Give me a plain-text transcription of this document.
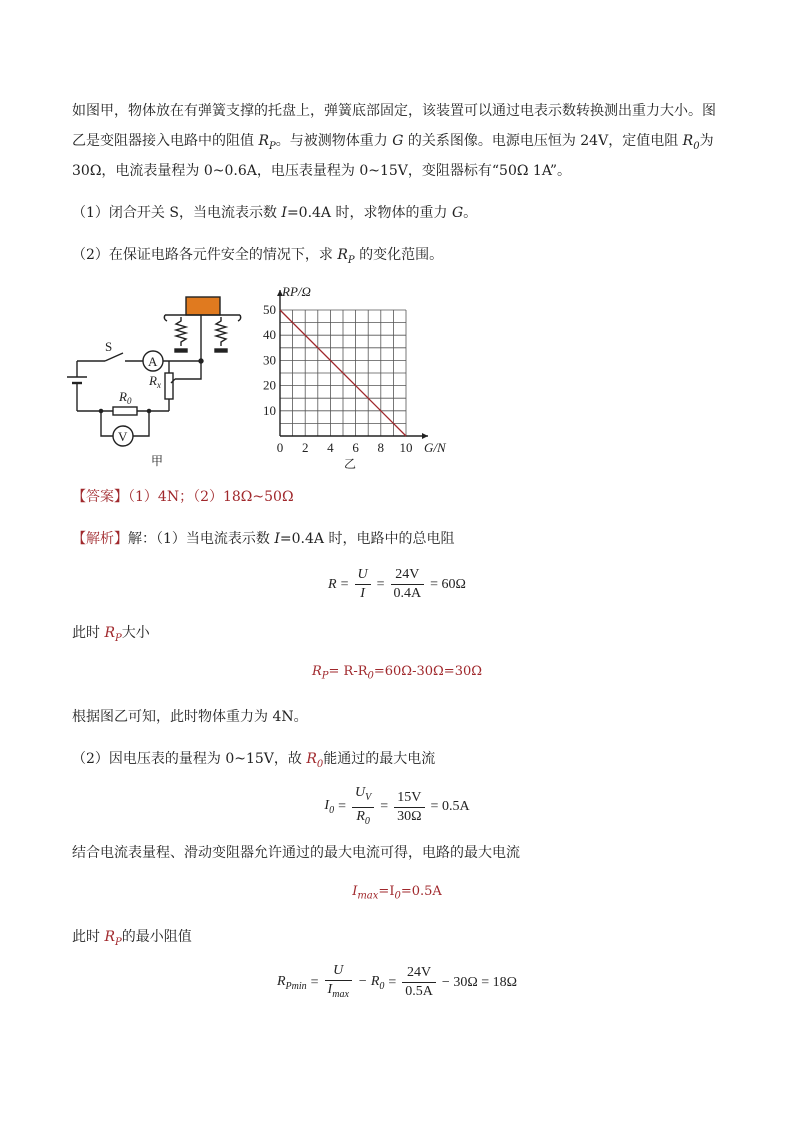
如图甲，物体放在有弹簧支撑的托盘上，弹簧底部固定，该装置可以通过电表示数转换测出重力大小。图

乙是变阻器接入电路中的阻值 $R_P$。与被测物体重力 G 的关系图像。电源电压恒为 24V，定值电阻 $R_0$为

30Ω，电流表量程为 0~0.6A，电压表量程为 0~15V，变阻器标有“50Ω 1A”。

（1）闭合开关 S，当电流表示数 I=0.4A 时，求物体的重力 G。

（2）在保证电路各元件安全的情况下，求 $R_P$ 的变化范围。

S
A
$R_x$
$R_0$
V
甲
0 2 4 6 8 10
10
20
30
40
50
RP/Ω
G/N
乙

【答案】（1）4N；（2）18Ω~50Ω

【解析】解：（1）当电流表示数 I=0.4A 时，电路中的总电阻

$R = \frac{U}{I} = \frac{24V}{0.4A} = 60\Omega$

此时 $R_P$大小

$R_P= R-R_0=60\Omega-30\Omega=30\Omega$

根据图乙可知，此时物体重力为 4N。

（2）因电压表的量程为 0~15V，故 $R_0$能通过的最大电流

$I_0 = \frac{U_V}{R_0} = \frac{15V}{30\Omega} = 0.5A$

结合电流表量程、滑动变阻器允许通过的最大电流可得，电路的最大电流

$I_{max}=I_0=0.5A$

此时 $R_P$的最小阻值

$R_{Pmin} = \frac{U}{I_{max}} - R_0 = \frac{24V}{0.5A} - 30\Omega = 18\Omega$
